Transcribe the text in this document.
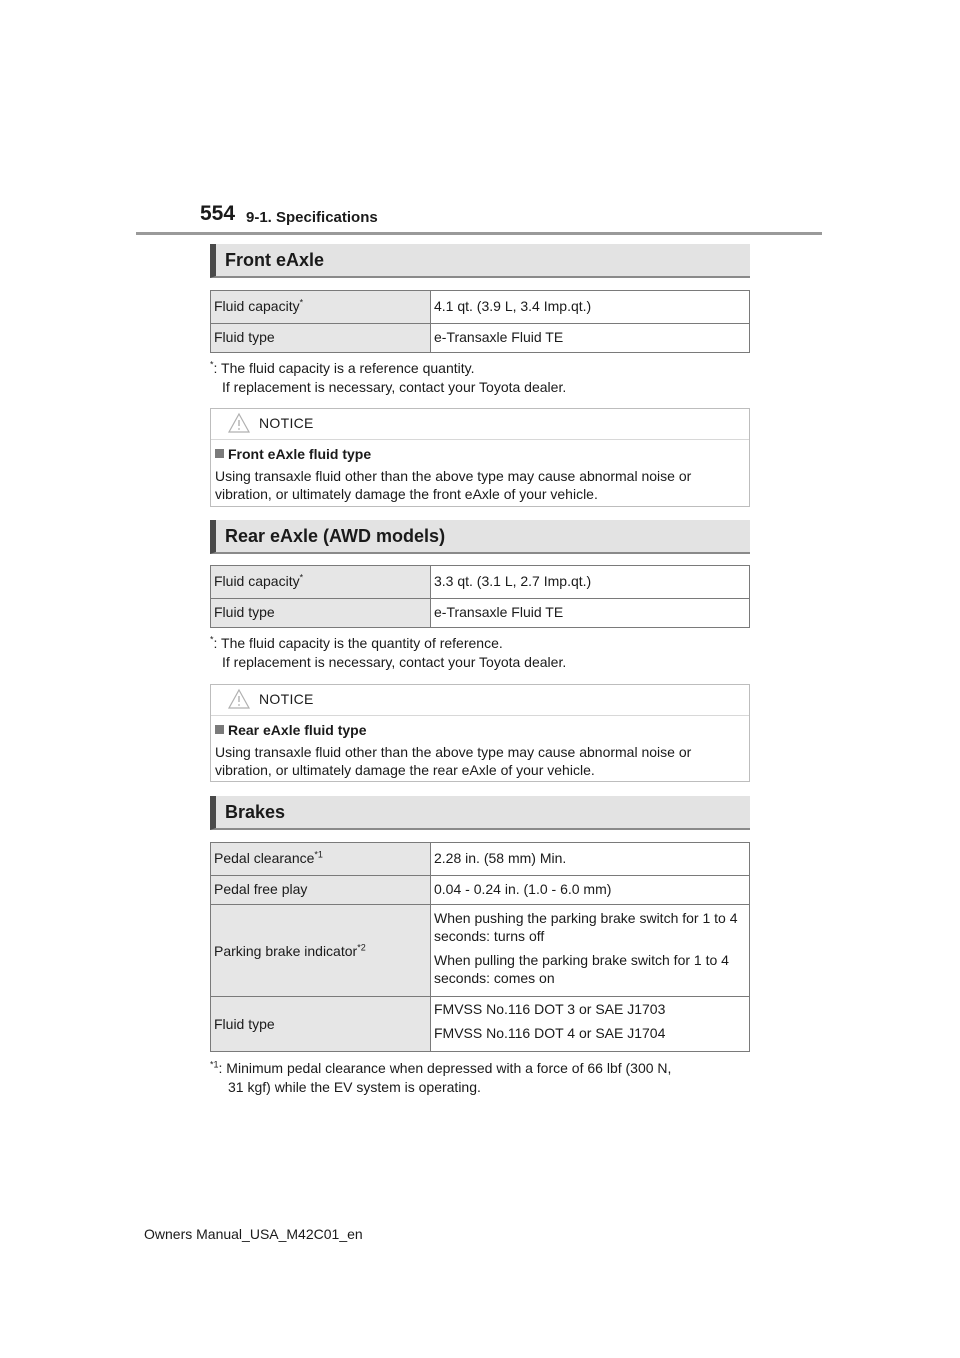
554 9-1. Specifications
Front eAxle
Fluid capacity*	4.1 qt. (3.9 L, 3.4 Imp.qt.)

Fluid type	e-Transaxle Fluid TE
*: The fluid capacity is a reference quantity.
If replacement is necessary, contact your Toyota dealer.
NOTICE
Front eAxle fluid type
Using transaxle fluid other than the above type may cause abnormal noise or vibration, or ultimately damage the front eAxle of your vehicle.
Rear eAxle (AWD models)
Fluid capacity*	3.3 qt. (3.1 L, 2.7 Imp.qt.)

Fluid type	e-Transaxle Fluid TE
*: The fluid capacity is the quantity of reference.
If replacement is necessary, contact your Toyota dealer.
NOTICE
Rear eAxle fluid type
Using transaxle fluid other than the above type may cause abnormal noise or vibration, or ultimately damage the rear eAxle of your vehicle.
Brakes
Pedal clearance$^{*1}$	2.28 in. (58 mm) Min.

Pedal free play	0.04 - 0.24 in. (1.0 - 6.0 mm)

Parking brake indicator$^{*2}$	When pushing the parking brake switch for 1 to 4 seconds: turns off
When pulling the parking brake switch for 1 to 4 seconds: comes on

Fluid type	FMVSS No.116 DOT 3 or SAE J1703
FMVSS No.116 DOT 4 or SAE J1704
$^{*1}$: Minimum pedal clearance when depressed with a force of 66 lbf (300 N,
31 kgf) while the EV system is operating.
Owners Manual_USA_M42C01_en
